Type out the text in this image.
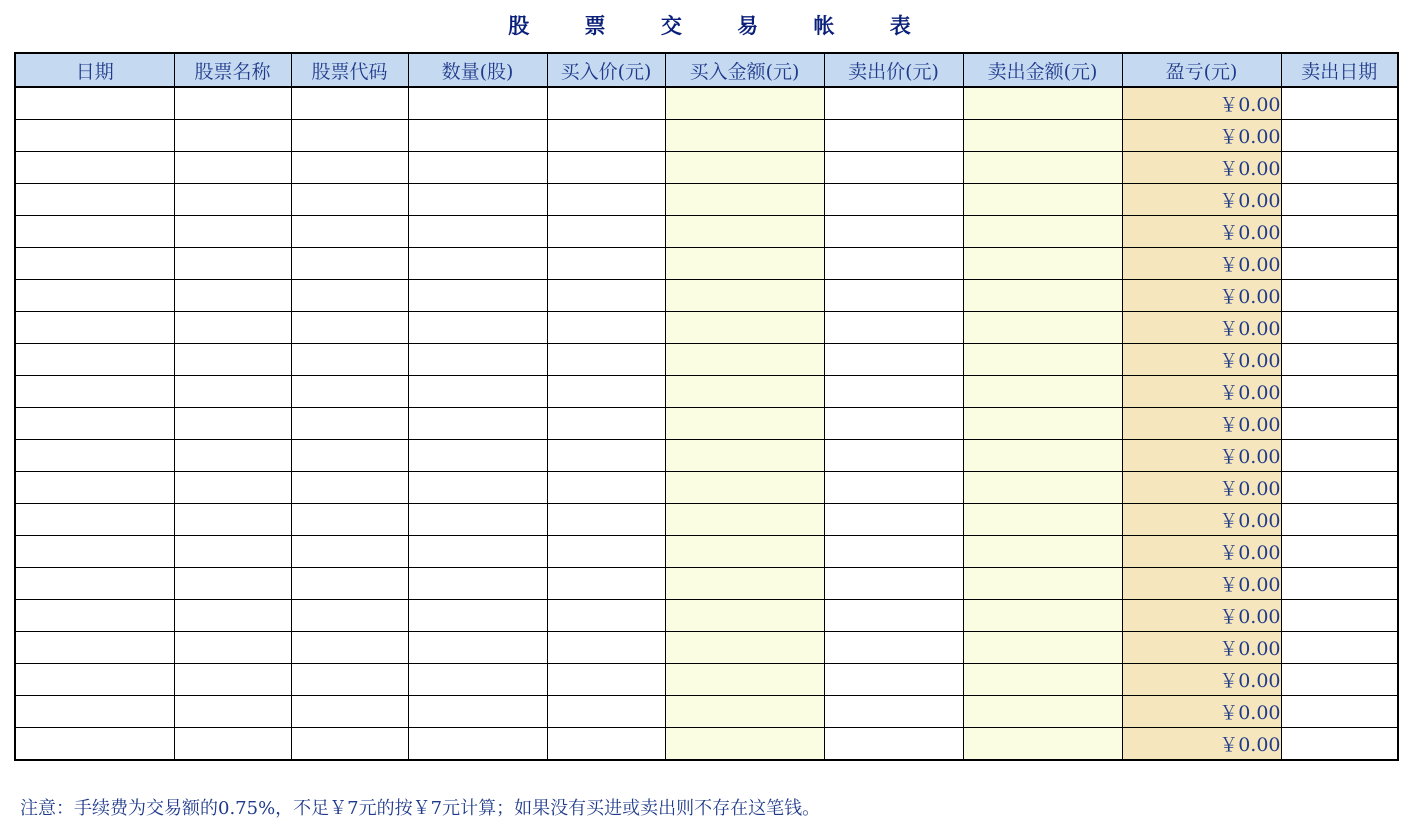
股 票 交 易 帐 表
日期	股票名称	股票代码	数量(股)	买入价(元)	买入金额(元)	卖出价(元)	卖出金额(元)	盈亏(元)	卖出日期
								￥0.00	
								￥0.00	
								￥0.00	
								￥0.00	
								￥0.00	
								￥0.00	
								￥0.00	
								￥0.00	
								￥0.00	
								￥0.00	
								￥0.00	
								￥0.00	
								￥0.00	
								￥0.00	
								￥0.00	
								￥0.00	
								￥0.00	
								￥0.00	
								￥0.00	
								￥0.00	
								￥0.00	
注意：手续费为交易额的0.75%，不足￥7元的按￥7元计算；如果没有买进或卖出则不存在这笔钱。
